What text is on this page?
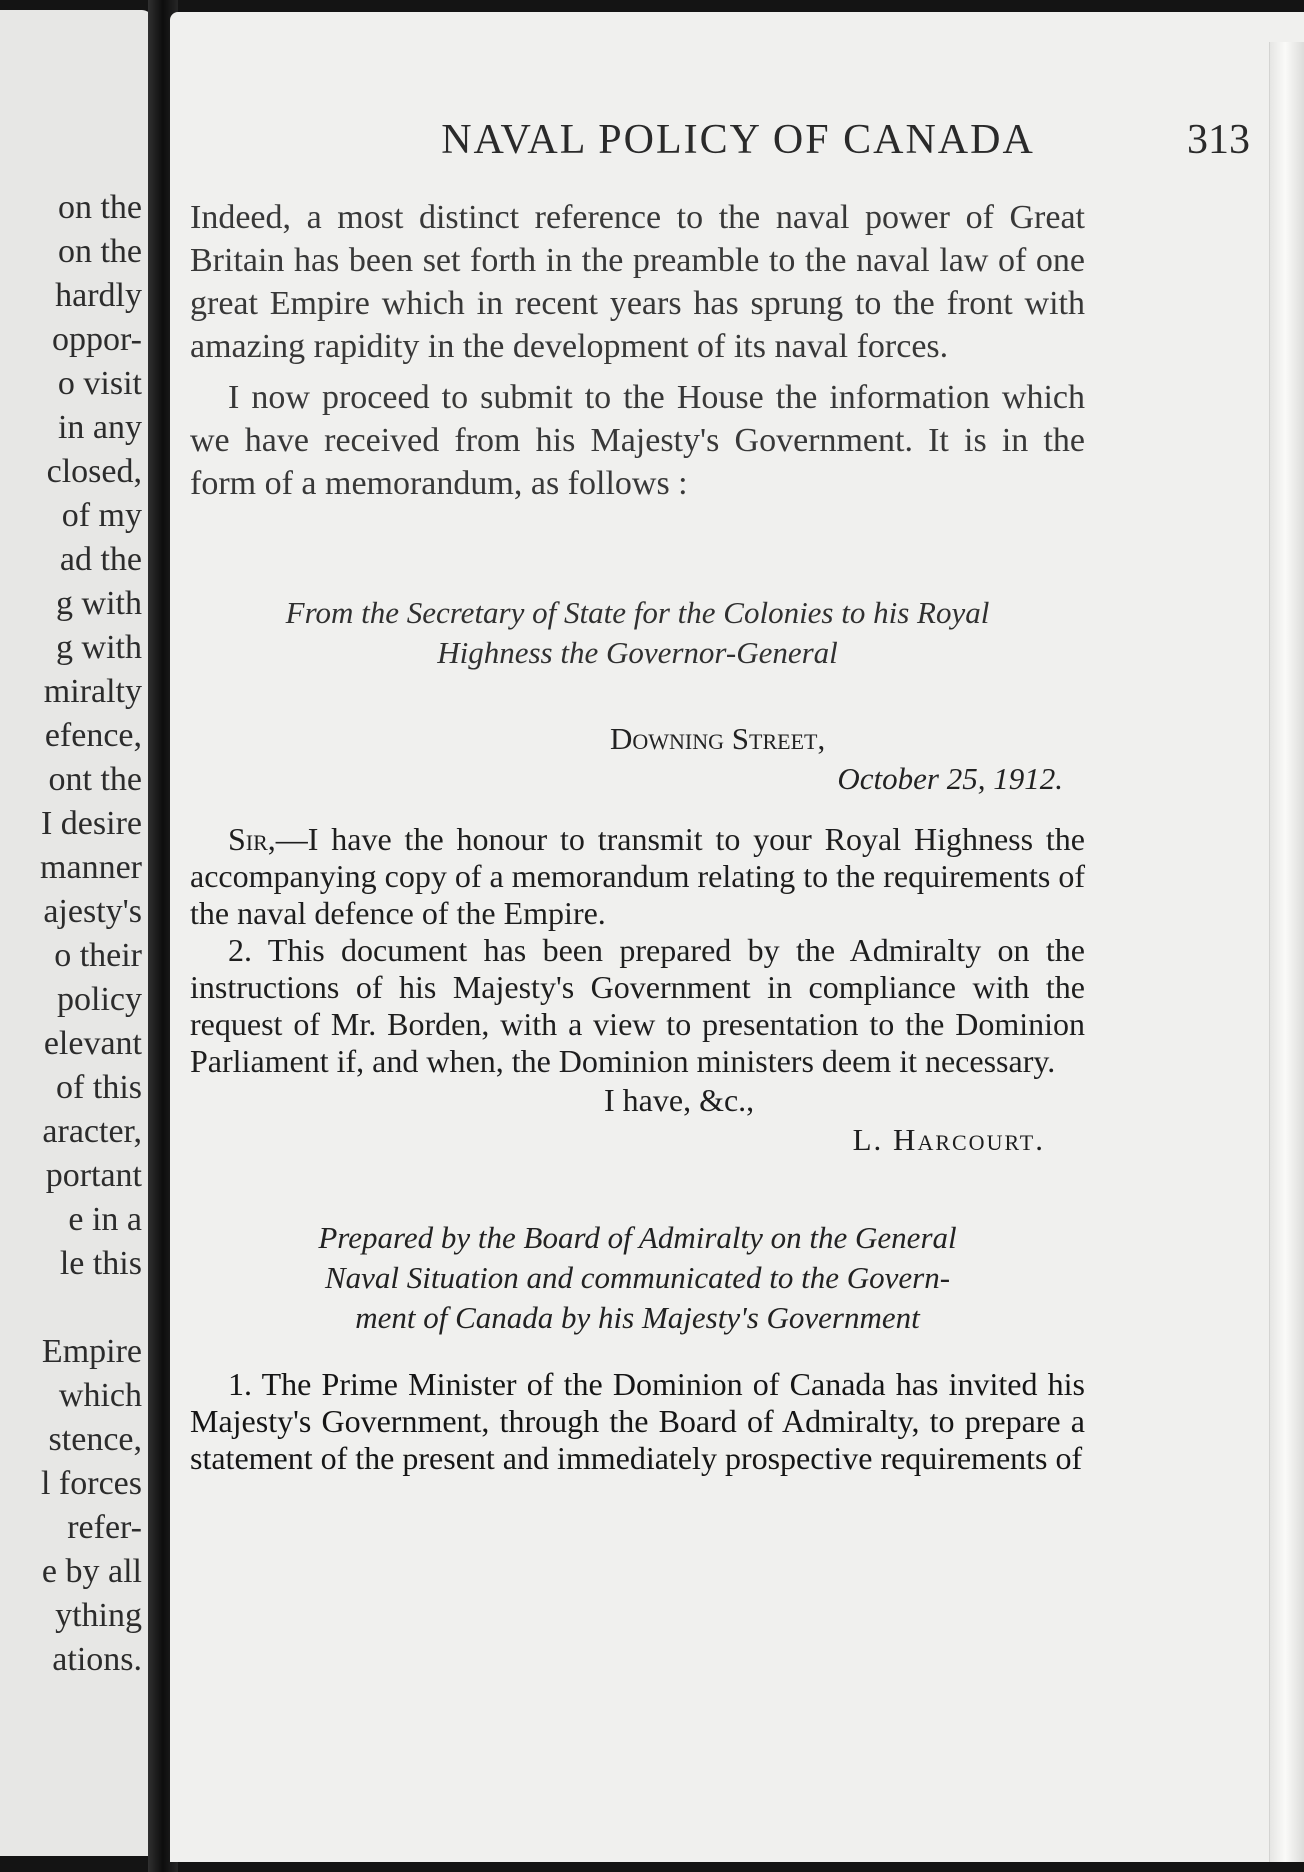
on the
on the
hardly
oppor-
o visit
in any
closed,
of my
ad the
g with
g with
miralty
efence,
ont the
I desire
manner
ajesty's
o their
policy
elevant
of this
aracter,
portant
e in a
le this

Empire
which
stence,
l forces
refer-
e by all
ything
ations.
NAVAL POLICY OF CANADA	313

Indeed, a most distinct reference to the naval power of Great Britain has been set forth in the preamble to the naval law of one great Empire which in recent years has sprung to the front with amazing rapidity in the development of its naval forces.

I now proceed to submit to the House the information which we have received from his Majesty's Government. It is in the form of a memorandum, as follows :

From the Secretary of State for the Colonies to his Royal
Highness the Governor-General
Downing Street,
October 25, 1912.

Sir,—I have the honour to transmit to your Royal Highness the accompanying copy of a memorandum relating to the requirements of the naval defence of the Empire.

2. This document has been prepared by the Admiralty on the instructions of his Majesty's Government in compliance with the request of Mr. Borden, with a view to presentation to the Dominion Parliament if, and when, the Dominion ministers deem it necessary.

I have, &c.,
L. Harcourt.
Prepared by the Board of Admiralty on the General
Naval Situation and communicated to the Govern-
ment of Canada by his Majesty's Government

1. The Prime Minister of the Dominion of Canada has invited his Majesty's Government, through the Board of Admiralty, to prepare a statement of the present and immediately prospective requirements of
